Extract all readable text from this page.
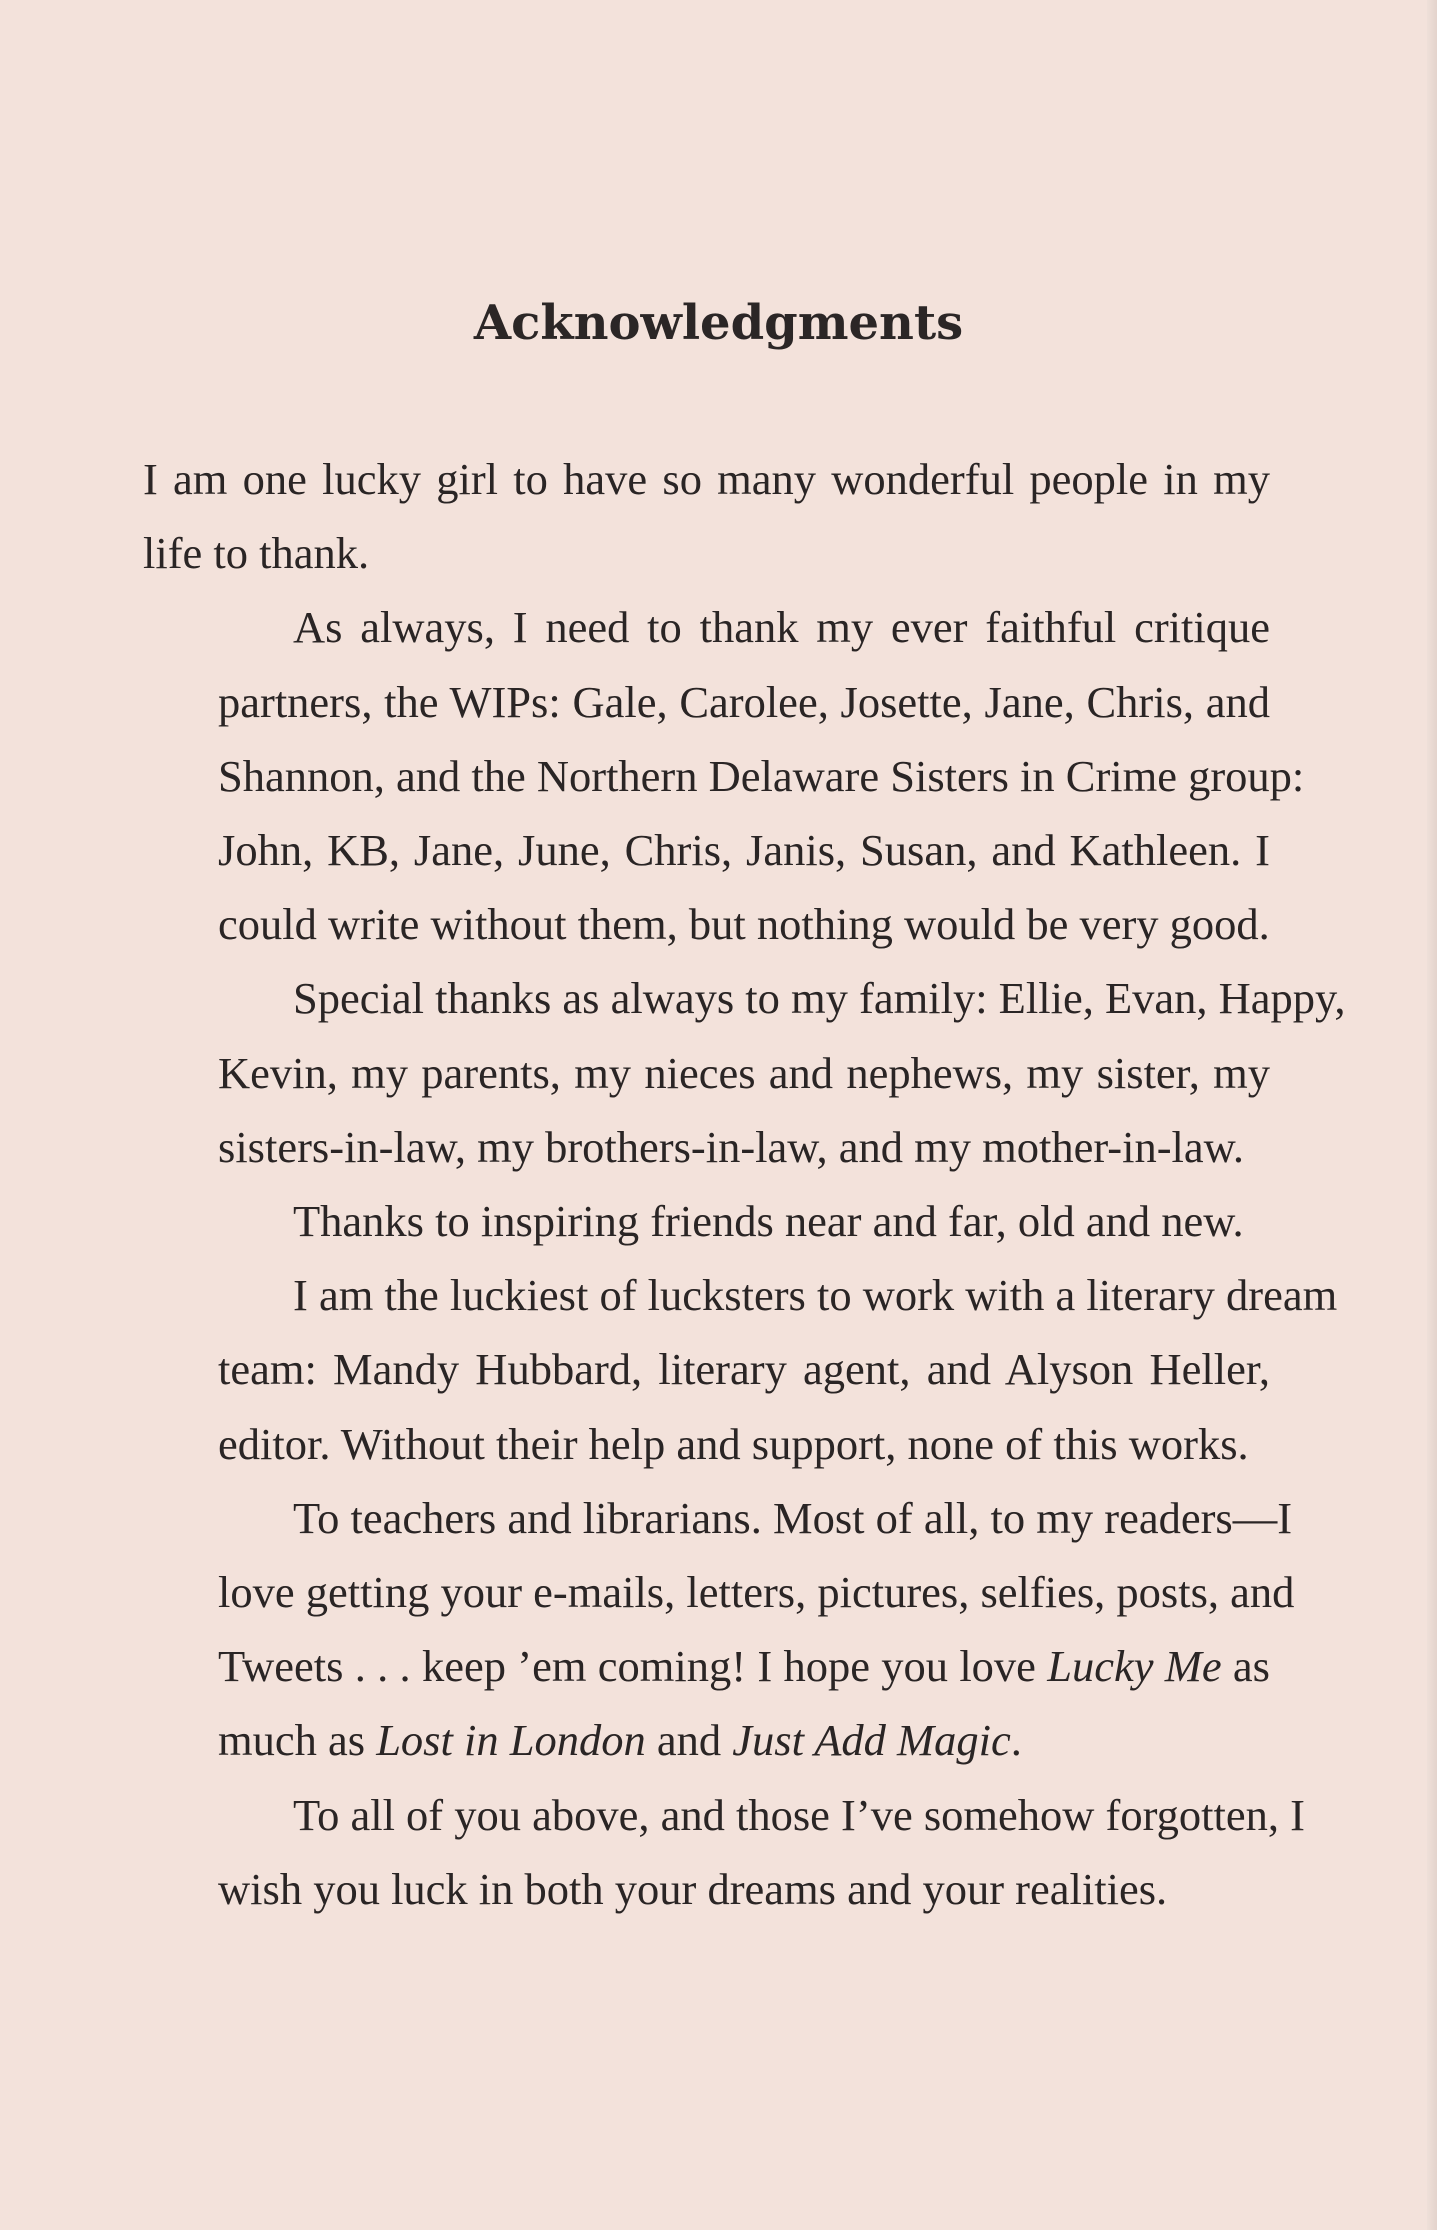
Acknowledgments

I am one lucky girl to have so many wonderful people in my
life to thank.

As always, I need to thank my ever faithful critique
partners, the WIPs: Gale, Carolee, Josette, Jane, Chris, and
Shannon, and the Northern Delaware Sisters in Crime group:
John, KB, Jane, June, Chris, Janis, Susan, and Kathleen. I
could write without them, but nothing would be very good.

Special thanks as always to my family: Ellie, Evan, Happy,
Kevin, my parents, my nieces and nephews, my sister, my
sisters-in-law, my brothers-in-law, and my mother-in-law.

Thanks to inspiring friends near and far, old and new.

I am the luckiest of lucksters to work with a literary dream
team: Mandy Hubbard, literary agent, and Alyson Heller,
editor. Without their help and support, none of this works.

To teachers and librarians. Most of all, to my readers—I
love getting your e-mails, letters, pictures, selfies, posts, and
Tweets . . . keep ’em coming! I hope you love Lucky Me as
much as Lost in London and Just Add Magic.

To all of you above, and those I’ve somehow forgotten, I
wish you luck in both your dreams and your realities.
